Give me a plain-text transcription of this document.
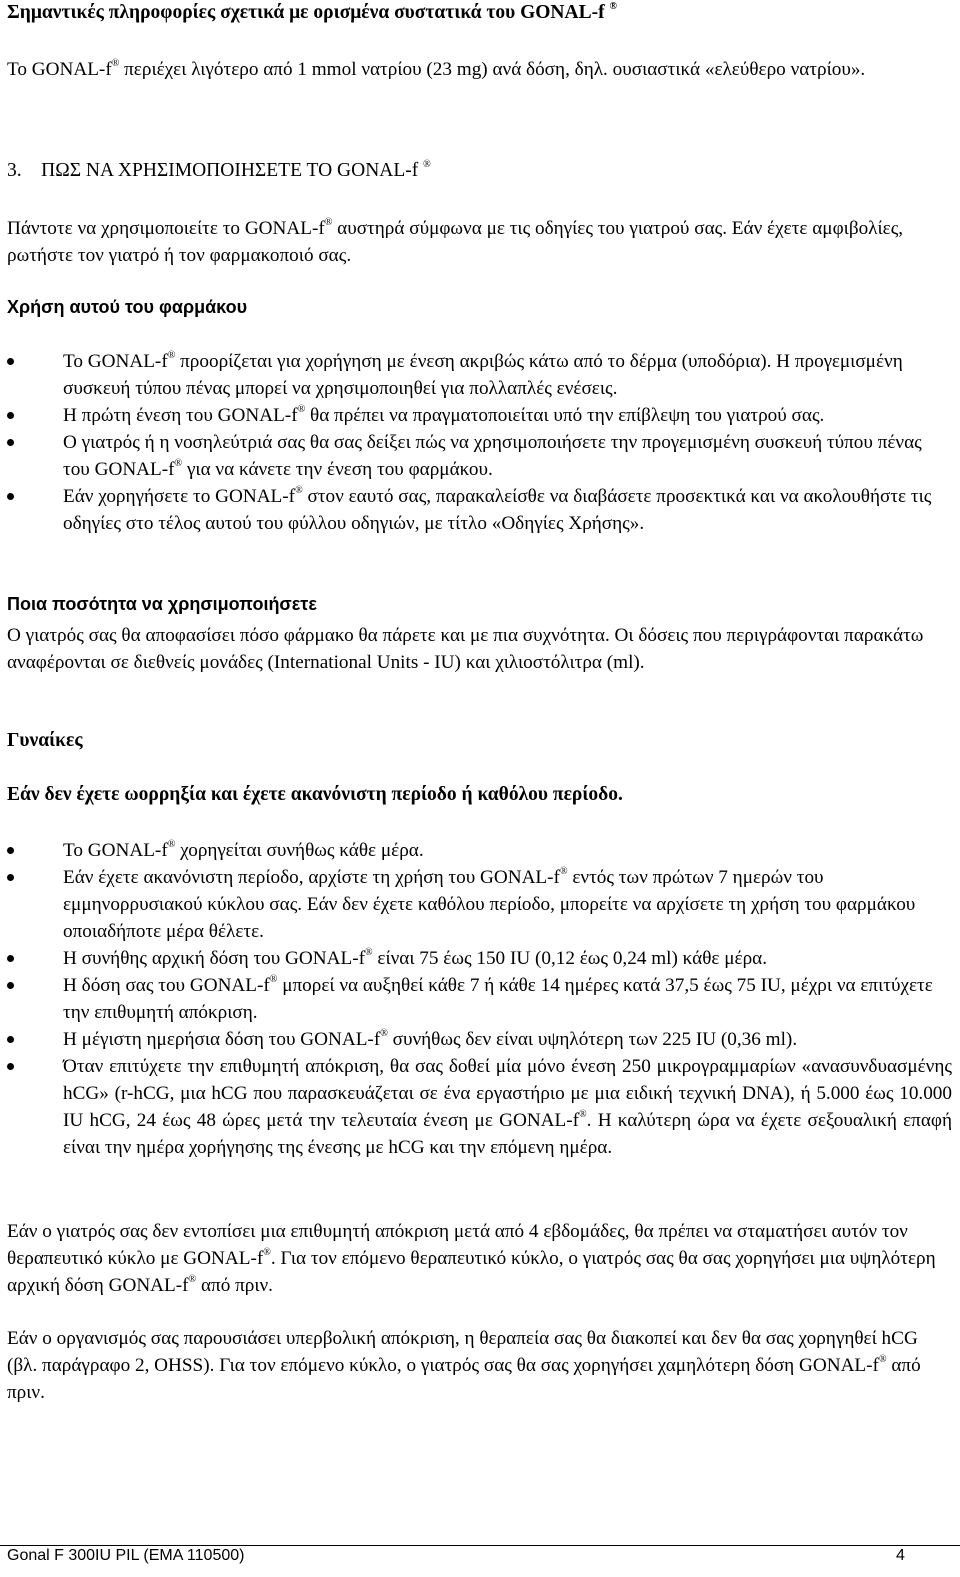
Σημαντικές πληροφορίες σχετικά με ορισμένα συστατικά του GONAL-f ®

Το GONAL-f® περιέχει λιγότερο από 1 mmol νατρίου (23 mg) ανά δόση, δηλ. ουσιαστικά «ελεύθερο νατρίου».

3. ΠΩΣ ΝΑ ΧΡΗΣΙΜΟΠΟΙΗΣΕΤΕ ΤΟ GONAL-f ®

Πάντοτε να χρησιμοποιείτε το GONAL-f® αυστηρά σύμφωνα με τις οδηγίες του γιατρού σας. Εάν έχετε αμφιβολίες, ρωτήστε τον γιατρό ή τον φαρμακοποιό σας.

Χρήση αυτού του φαρμάκου
Το GONAL-f® προορίζεται για χορήγηση με ένεση ακριβώς κάτω από το δέρμα (υποδόρια). Η προγεμισμένη συσκευή τύπου πένας μπορεί να χρησιμοποιηθεί για πολλαπλές ενέσεις.
Η πρώτη ένεση του GONAL-f® θα πρέπει να πραγματοποιείται υπό την επίβλεψη του γιατρού σας.
Ο γιατρός ή η νοσηλεύτριά σας θα σας δείξει πώς να χρησιμοποιήσετε την προγεμισμένη συσκευή τύπου πένας του GONAL-f® για να κάνετε την ένεση του φαρμάκου.
Εάν χορηγήσετε το GONAL-f® στον εαυτό σας, παρακαλείσθε να διαβάσετε προσεκτικά και να ακολουθήστε τις οδηγίες στο τέλος αυτού του φύλλου οδηγιών, με τίτλο «Οδηγίες Χρήσης».
Ποια ποσότητα να χρησιμοποιήσετε

Ο γιατρός σας θα αποφασίσει πόσο φάρμακο θα πάρετε και με πια συχνότητα. Οι δόσεις που περιγράφονται παρακάτω αναφέρονται σε διεθνείς μονάδες (International Units - IU) και χιλιοστόλιτρα (ml).

Γυναίκες
Εάν δεν έχετε ωορρηξία και έχετε ακανόνιστη περίοδο ή καθόλου περίοδο.
Το GONAL-f® χορηγείται συνήθως κάθε μέρα.
Εάν έχετε ακανόνιστη περίοδο, αρχίστε τη χρήση του GONAL-f® εντός των πρώτων 7 ημερών του εμμηνορρυσιακού κύκλου σας. Εάν δεν έχετε καθόλου περίοδο, μπορείτε να αρχίσετε τη χρήση του φαρμάκου οποιαδήποτε μέρα θέλετε.
Η συνήθης αρχική δόση του GONAL-f® είναι 75 έως 150 IU (0,12 έως 0,24 ml) κάθε μέρα.
Η δόση σας του GONAL-f® μπορεί να αυξηθεί κάθε 7 ή κάθε 14 ημέρες κατά 37,5 έως 75 IU, μέχρι να επιτύχετε την επιθυμητή απόκριση.
Η μέγιστη ημερήσια δόση του GONAL-f® συνήθως δεν είναι υψηλότερη των 225 IU (0,36 ml).
Όταν επιτύχετε την επιθυμητή απόκριση, θα σας δοθεί μία μόνο ένεση 250 μικρογραμμαρίων «ανασυνδυασμένης hCG» (r-hCG, μια hCG που παρασκευάζεται σε ένα εργαστήριο με μια ειδική τεχνική DNA), ή 5.000 έως 10.000 IU hCG, 24 έως 48 ώρες μετά την τελευταία ένεση με GONAL-f®. Η καλύτερη ώρα να έχετε σεξουαλική επαφή είναι την ημέρα χορήγησης της ένεσης με hCG και την επόμενη ημέρα.

Εάν ο γιατρός σας δεν εντοπίσει μια επιθυμητή απόκριση μετά από 4 εβδομάδες, θα πρέπει να σταματήσει αυτόν τον θεραπευτικό κύκλο με GONAL-f®. Για τον επόμενο θεραπευτικό κύκλο, ο γιατρός σας θα σας χορηγήσει μια υψηλότερη αρχική δόση GONAL-f® από πριν.

Εάν ο οργανισμός σας παρουσιάσει υπερβολική απόκριση, η θεραπεία σας θα διακοπεί και δεν θα σας χορηγηθεί hCG (βλ. παράγραφο 2, OHSS). Για τον επόμενο κύκλο, ο γιατρός σας θα σας χορηγήσει χαμηλότερη δόση GONAL-f® από πριν.

Gonal F 300IU PIL (EMA 110500)	4
